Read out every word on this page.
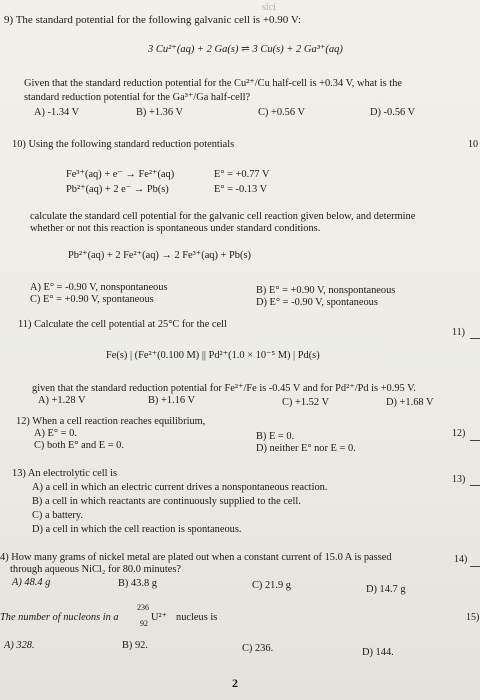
sici
9) The standard potential for the following galvanic cell is +0.90 V:
3 Cu²⁺(aq) + 2 Ga(s) ⇌ 3 Cu(s) + 2 Ga³⁺(aq)
Given that the standard reduction potential for the Cu²⁺/Cu half-cell is +0.34 V, what is the
standard reduction potential for the Ga³⁺/Ga half-cell?
A) -1.34 V	B) +1.36 V	C) +0.56 V	D) -0.56 V
10) Using the following standard reduction potentials	10
Fe³⁺(aq) + e⁻ → Fe²⁺(aq)	E° = +0.77 V
Pb²⁺(aq) + 2 e⁻ → Pb(s)	E° = -0.13 V
calculate the standard cell potential for the galvanic cell reaction given below, and determine
whether or not this reaction is spontaneous under standard conditions.
Pb²⁺(aq) + 2 Fe²⁺(aq) → 2 Fe³⁺(aq) + Pb(s)
A) E° = -0.90 V, nonspontaneous	B) E° = +0.90 V, nonspontaneous
C) E° = +0.90 V, spontaneous	D) E° = -0.90 V, spontaneous
11) Calculate the cell potential at 25°C for the cell
11)
Fe(s) | (Fe²⁺(0.100 M) || Pd²⁺(1.0 × 10⁻⁵ M) | Pd(s)
given that the standard reduction potential for Fe²⁺/Fe is -0.45 V and for Pd²⁺/Pd is +0.95 V.
A) +1.28 V	B) +1.16 V	C) +1.52 V	D) +1.68 V
12) When a cell reaction reaches equilibrium,
12)
A) E° = 0.	B) E = 0.
C) both E° and E = 0.	D) neither E° nor E = 0.
13) An electrolytic cell is
13)
A) a cell in which an electric current drives a nonspontaneous reaction.
B) a cell in which reactants are continuously supplied to the cell.
C) a battery.
D) a cell in which the cell reaction is spontaneous.
4) How many grams of nickel metal are plated out when a constant current of 15.0 A is passed
through aqueous NiCl₂ for 80.0 minutes?
14)
A) 48.4 g	B) 43.8 g	C) 21.9 g	D) 14.7 g
The number of nucleons in a
236
92
U²⁺ nucleus is	15)
A) 328.	B) 92.	C) 236.	D) 144.
2
